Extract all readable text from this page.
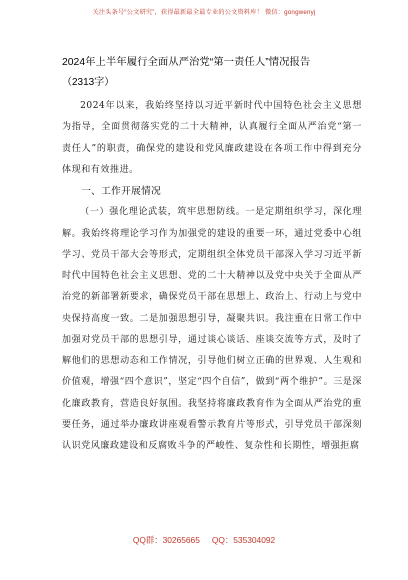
关注头条号“公文研究”，获得最新最全最专业的公文资料库！ 微信：gongwenyj
2024年上半年履行全面从严治党“第一责任人”情况报告
（2313字）

2024年以来，我始终坚持以习近平新时代中国特色社会主义思想为指导，全面贯彻落实党的二十大精神，认真履行全面从严治党“第一责任人”的职责，确保党的建设和党风廉政建设在各项工作中得到充分体现和有效推进。

一、工作开展情况

（一）强化理论武装，筑牢思想防线。一是定期组织学习，深化理解。我始终将理论学习作为加强党的建设的重要一环，通过党委中心组学习、党员干部大会等形式，定期组织全体党员干部深入学习习近平新时代中国特色社会主义思想、党的二十大精神以及党中央关于全面从严治党的新部署新要求，确保党员干部在思想上、政治上、行动上与党中央保持高度一致。二是加强思想引导，凝聚共识。我注重在日常工作中加强对党员干部的思想引导，通过谈心谈话、座谈交流等方式，及时了解他们的思想动态和工作情况，引导他们树立正确的世界观、人生观和价值观，增强“四个意识”，坚定“四个自信”，做到“两个维护”。三是深化廉政教育，营造良好氛围。我坚持将廉政教育作为全面从严治党的重要任务，通过举办廉政讲座观看警示教育片等形式，引导党员干部深刻认识党风廉政建设和反腐败斗争的严峻性、复杂性和长期性，增强拒腐

QQ群：30265665 QQ：535304092
